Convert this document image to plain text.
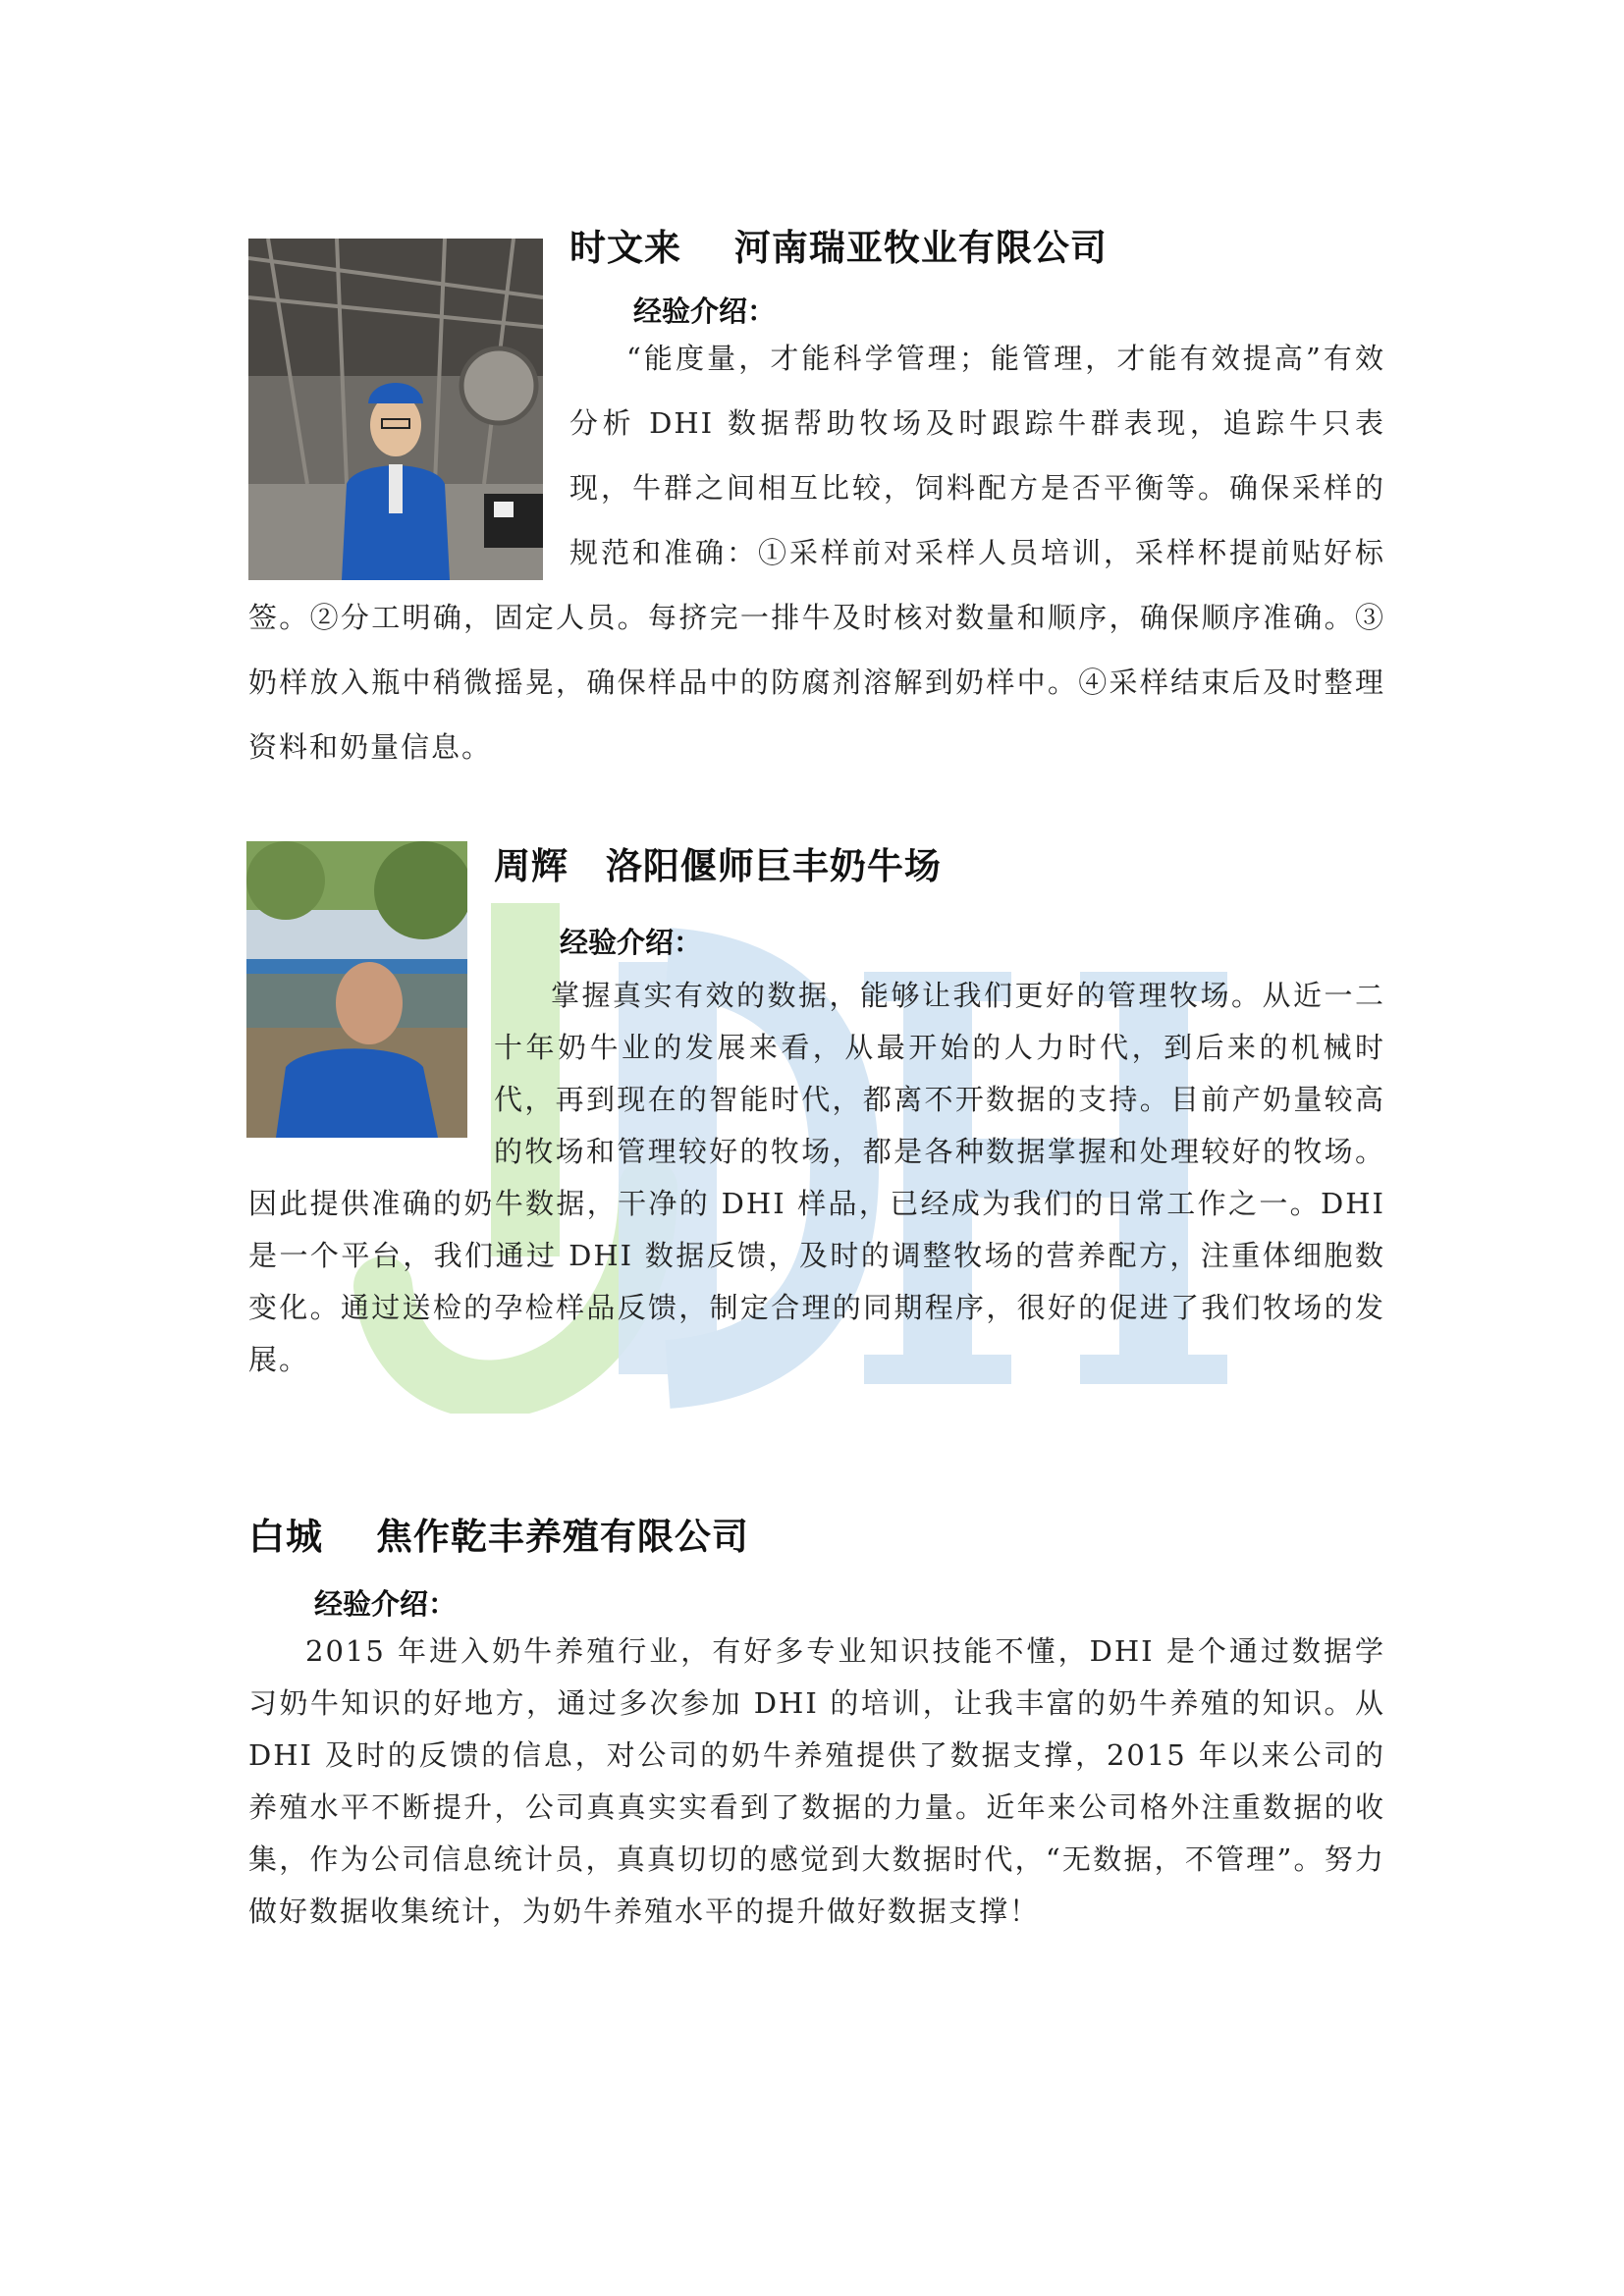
时文来 河南瑞亚牧业有限公司
经验介绍：
“能度量，才能科学管理；能管理，才能有效提高”有效分析 DHI 数据帮助牧场及时跟踪牛群表现，追踪牛只表现，牛群之间相互比较，饲料配方是否平衡等。确保采样的规范和准确：①采样前对采样人员培训，采样杯提前贴好标签。②分工明确，固定人员。每挤完一排牛及时核对数量和顺序，确保顺序准确。③奶样放入瓶中稍微摇晃，确保样品中的防腐剂溶解到奶样中。④采样结束后及时整理资料和奶量信息。
周辉 洛阳偃师巨丰奶牛场
经验介绍：
掌握真实有效的数据，能够让我们更好的管理牧场。从近一二十年奶牛业的发展来看，从最开始的人力时代，到后来的机械时代，再到现在的智能时代，都离不开数据的支持。目前产奶量较高的牧场和管理较好的牧场，都是各种数据掌握和处理较好的牧场。因此提供准确的奶牛数据，干净的 DHI 样品，已经成为我们的日常工作之一。DHI 是一个平台，我们通过 DHI 数据反馈，及时的调整牧场的营养配方，注重体细胞数变化。通过送检的孕检样品反馈，制定合理的同期程序，很好的促进了我们牧场的发展。
白城 焦作乾丰养殖有限公司
经验介绍：
2015 年进入奶牛养殖行业，有好多专业知识技能不懂，DHI 是个通过数据学习奶牛知识的好地方，通过多次参加 DHI 的培训，让我丰富的奶牛养殖的知识。从 DHI 及时的反馈的信息，对公司的奶牛养殖提供了数据支撑，2015 年以来公司的养殖水平不断提升，公司真真实实看到了数据的力量。近年来公司格外注重数据的收集，作为公司信息统计员，真真切切的感觉到大数据时代，“无数据，不管理”。努力做好数据收集统计，为奶牛养殖水平的提升做好数据支撑！
